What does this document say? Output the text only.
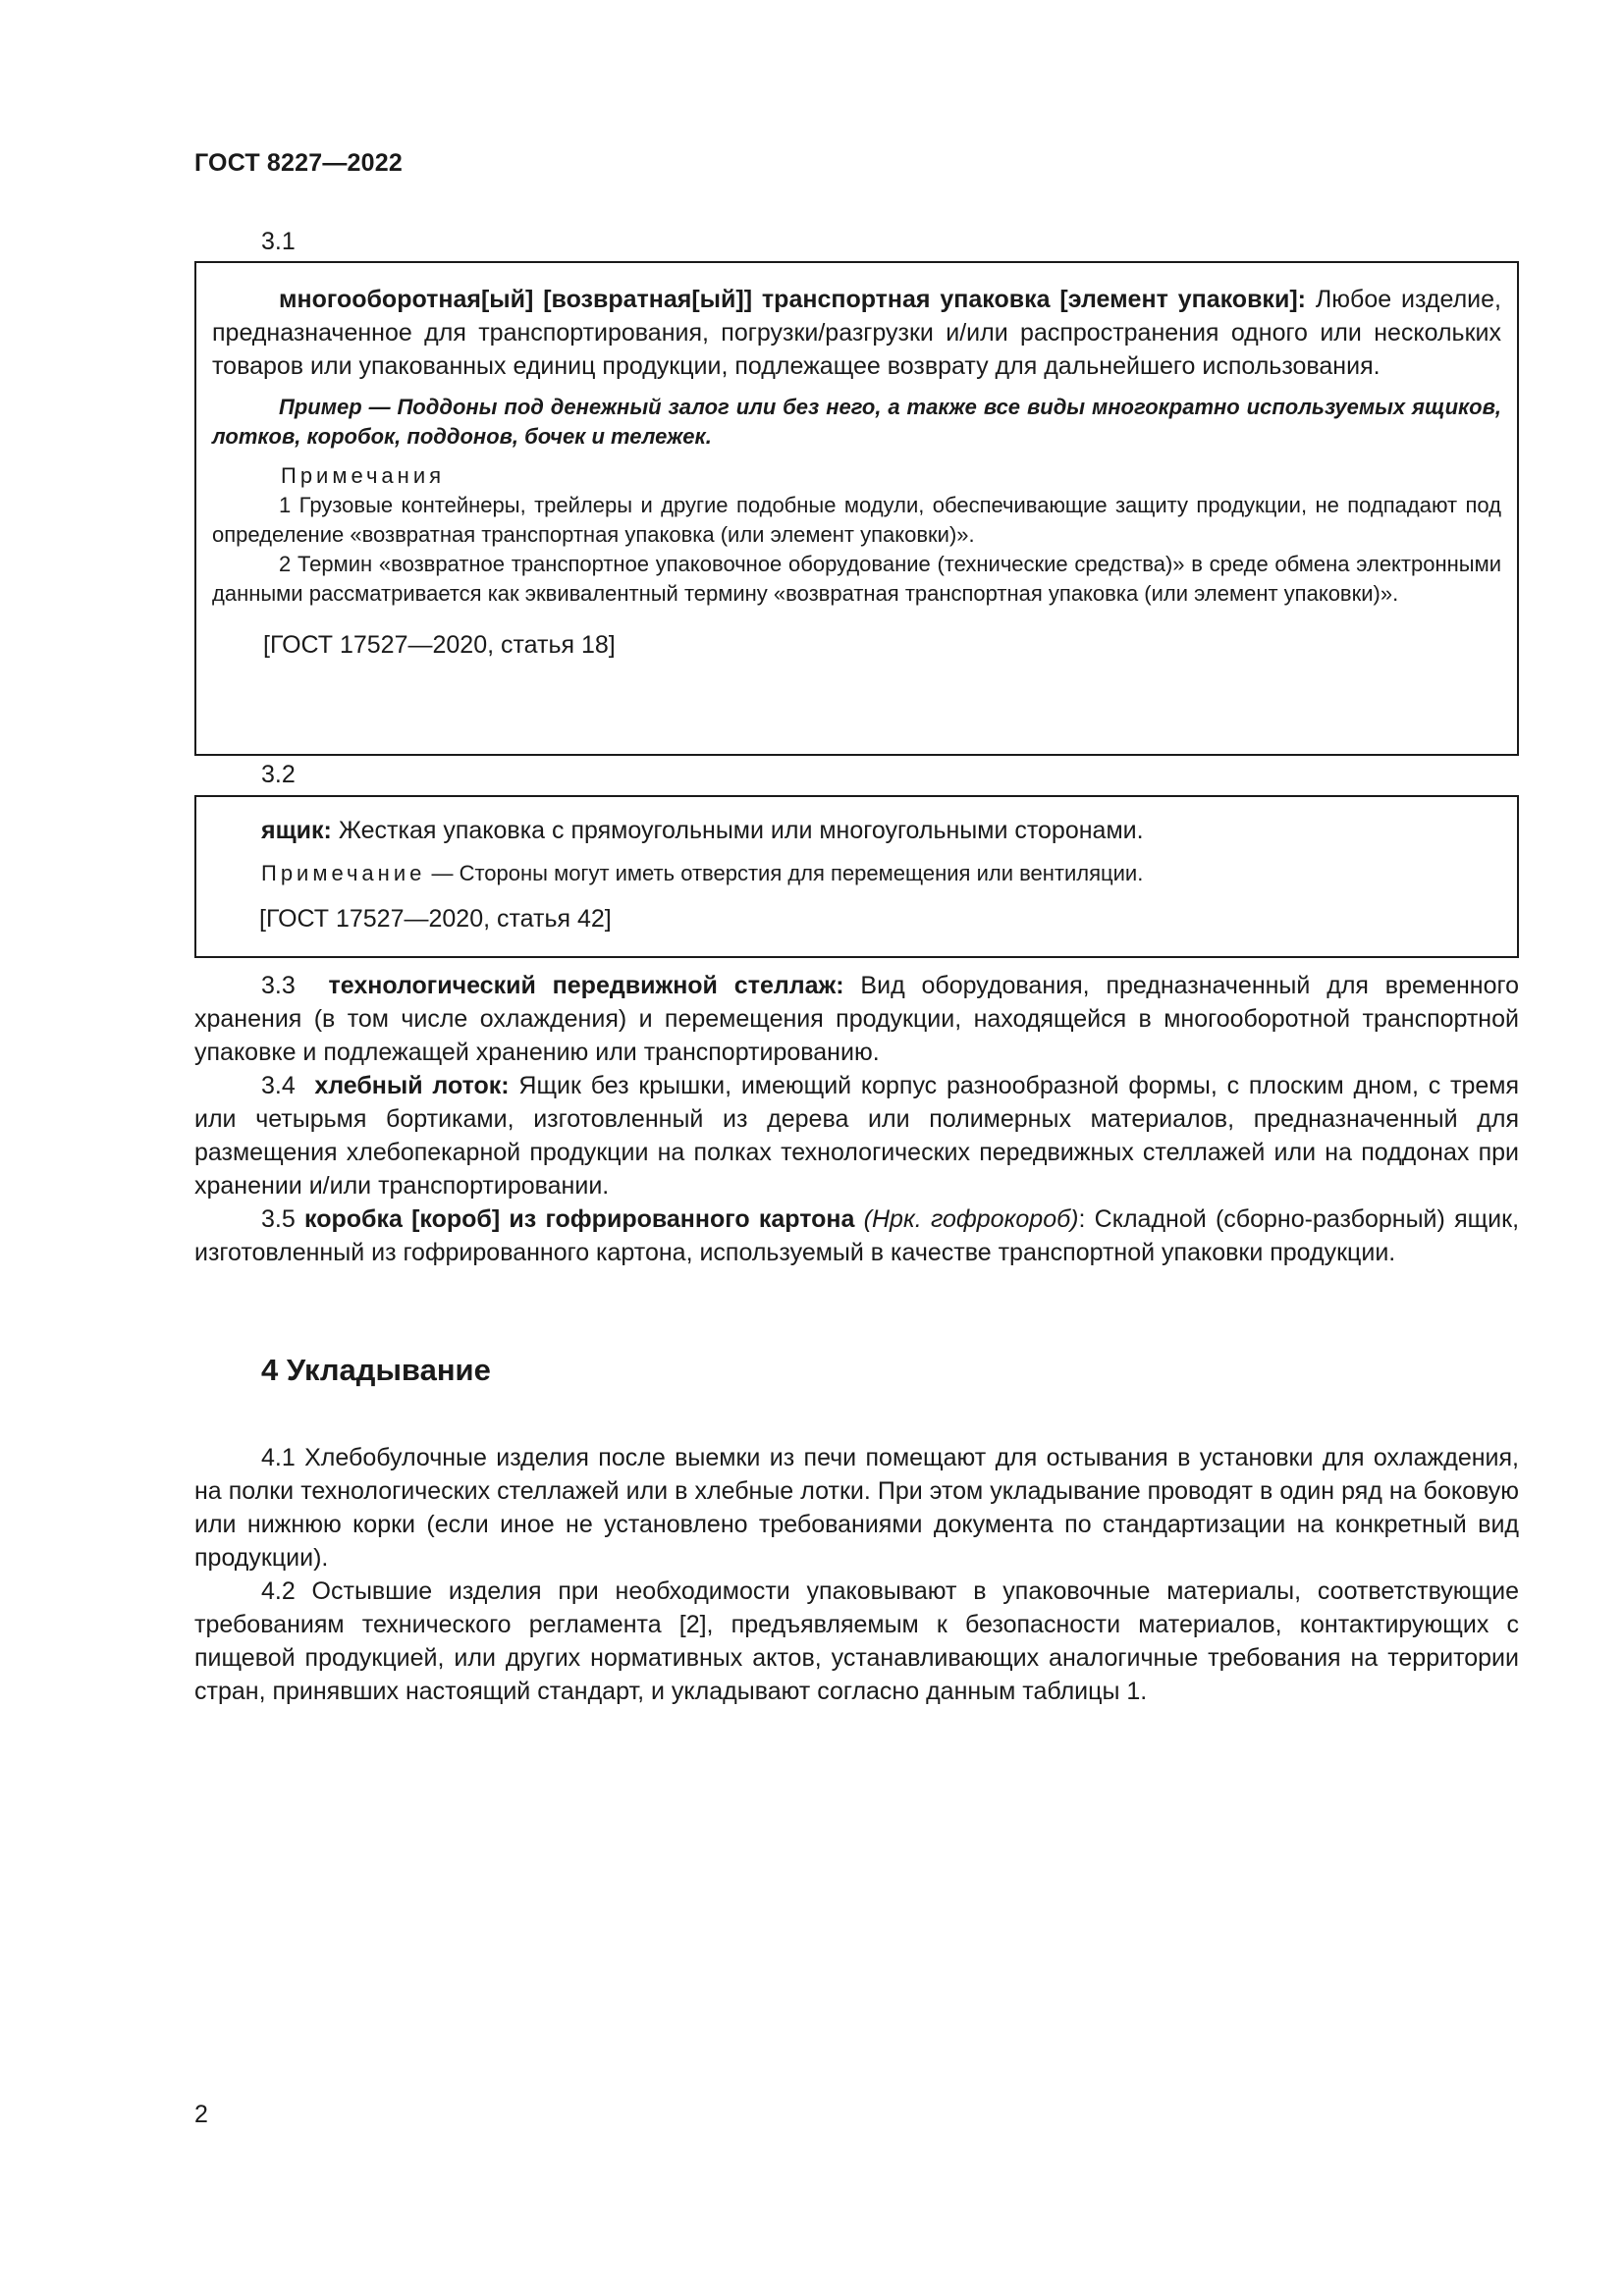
ГОСТ 8227—2022
3.1

многооборотная[ый] [возвратная[ый]] транспортная упаковка [элемент упаковки]: Любое изделие, предназначенное для транспортирования, погрузки/разгрузки и/или распространения одного или нескольких товаров или упакованных единиц продукции, подлежащее возврату для дальнейшего использования.

Пример — Поддоны под денежный залог или без него, а также все виды многократно используемых ящиков, лотков, коробок, поддонов, бочек и тележек.

Примечания

1 Грузовые контейнеры, трейлеры и другие подобные модули, обеспечивающие защиту продукции, не подпадают под определение «возвратная транспортная упаковка (или элемент упаковки)».

2 Термин «возвратное транспортное упаковочное оборудование (технические средства)» в среде обмена электронными данными рассматривается как эквивалентный термину «возвратная транспортная упаковка (или элемент упаковки)».

[ГОСТ 17527—2020, статья 18]

3.2

ящик: Жесткая упаковка с прямоугольными или многоугольными сторонами.

Примечание — Стороны могут иметь отверстия для перемещения или вентиляции.

[ГОСТ 17527—2020, статья 42]

3.3 технологический передвижной стеллаж: Вид оборудования, предназначенный для временного хранения (в том числе охлаждения) и перемещения продукции, находящейся в многооборотной транспортной упаковке и подлежащей хранению или транспортированию.

3.4 хлебный лоток: Ящик без крышки, имеющий корпус разнообразной формы, с плоским дном, с тремя или четырьмя бортиками, изготовленный из дерева или полимерных материалов, предназначенный для размещения хлебопекарной продукции на полках технологических передвижных стеллажей или на поддонах при хранении и/или транспортировании.

3.5 коробка [короб] из гофрированного картона (Нрк. гофрокороб): Складной (сборно-разборный) ящик, изготовленный из гофрированного картона, используемый в качестве транспортной упаковки продукции.

4 Укладывание

4.1 Хлебобулочные изделия после выемки из печи помещают для остывания в установки для охлаждения, на полки технологических стеллажей или в хлебные лотки. При этом укладывание проводят в один ряд на боковую или нижнюю корки (если иное не установлено требованиями документа по стандартизации на конкретный вид продукции).

4.2 Остывшие изделия при необходимости упаковывают в упаковочные материалы, соответствующие требованиям технического регламента [2], предъявляемым к безопасности материалов, контактирующих с пищевой продукцией, или других нормативных актов, устанавливающих аналогичные требования на территории стран, принявших настоящий стандарт, и укладывают согласно данным таблицы 1.

2
